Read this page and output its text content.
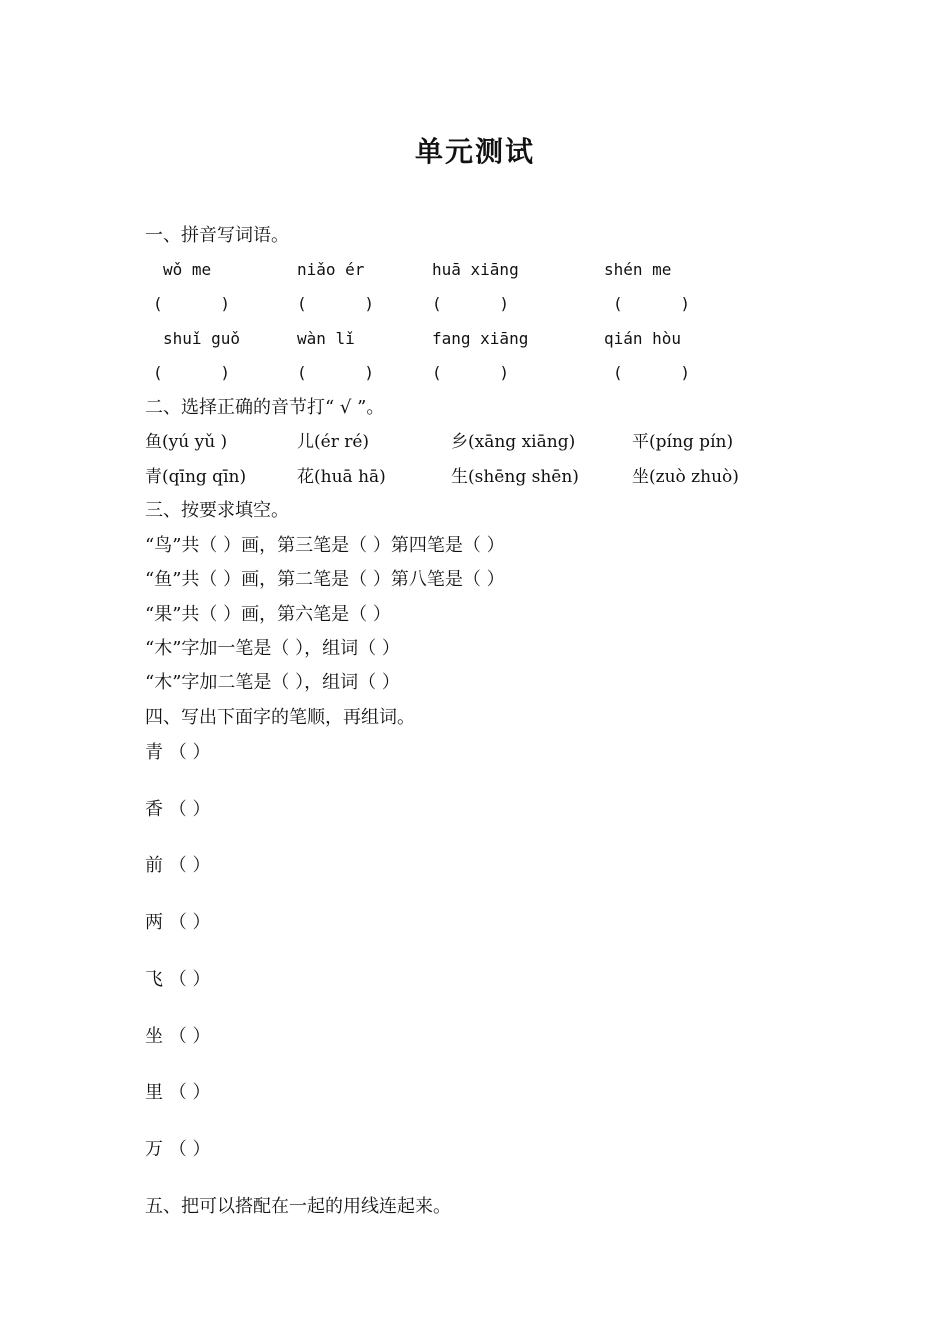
单元测试
一、拼音写词语。
wǒ me	niǎo ér	huā xiāng	shén me
(      )	(      )	(      )	(      )
shuǐ guǒ	wàn lǐ	fang xiāng	qián hòu
(      )	(      )	(      )	(      )
二、选择正确的音节打“ √ ”。
鱼(yú yǔ )	儿(ér ré)	乡(xāng xiāng)	平(píng pín)
青(qīng qīn)	花(huā hā)	生(shēng shēn)	坐(zuò zhuò)
三、按要求填空。
“鸟”共（ ）画，第三笔是（ ）第四笔是（ ）
“鱼”共（ ）画，第二笔是（ ）第八笔是（ ）
“果”共（ ）画，第六笔是（ ）
“木”字加一笔是（ ），组词（ ）
“木”字加二笔是（ ），组词（ ）
四、写出下面字的笔顺，再组词。
青 （ ）
香 （ ）
前 （ ）
两 （ ）
飞 （ ）
坐 （ ）
里 （ ）
万 （ ）
五、把可以搭配在一起的用线连起来。
